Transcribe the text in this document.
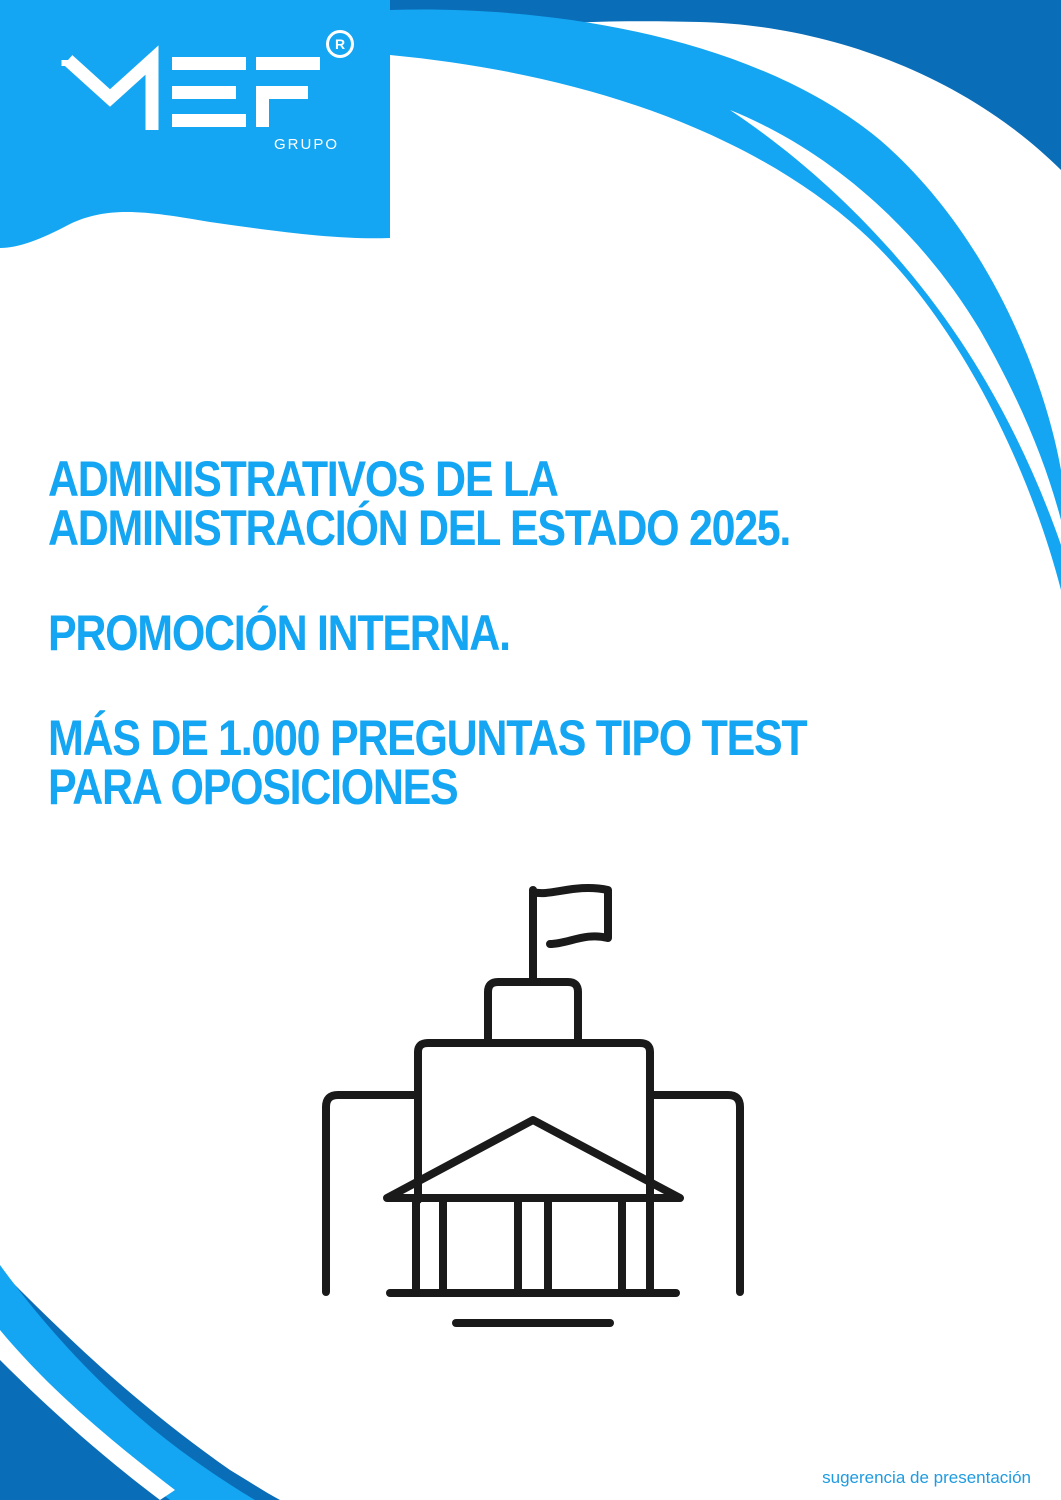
R
GRUPO

ADMINISTRATIVOS DE LA

ADMINISTRACIÓN DEL ESTADO 2025.

PROMOCIÓN INTERNA.

MÁS DE 1.000 PREGUNTAS TIPO TEST

PARA OPOSICIONES

sugerencia de presentación
